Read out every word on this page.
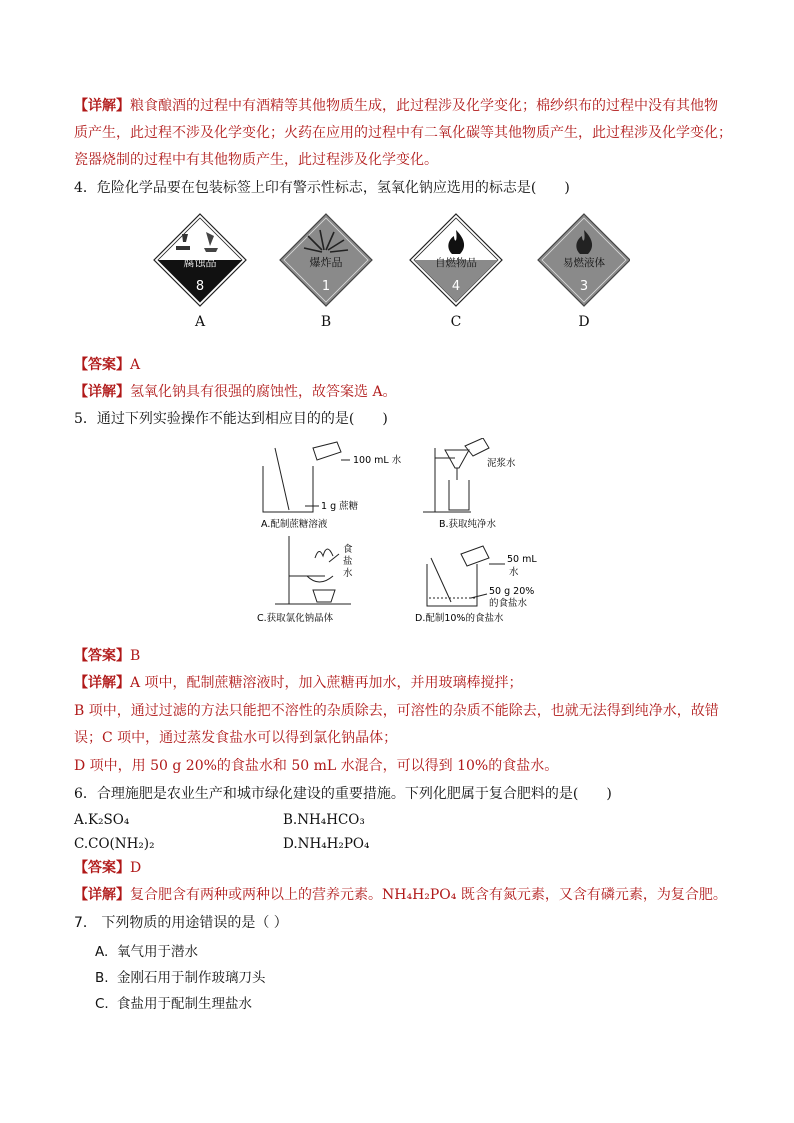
【详解】粮食酿酒的过程中有酒精等其他物质生成，此过程涉及化学变化；棉纱织布的过程中没有其他物
质产生，此过程不涉及化学变化；火药在应用的过程中有二氧化碳等其他物质产生，此过程涉及化学变化；
瓷器烧制的过程中有其他物质产生，此过程涉及化学变化。
4．危险化学品要在包装标签上印有警示性标志，氢氧化钠应选用的标志是(　　)
腐蚀品
8
爆炸品
1
自燃物品
4
易燃液体
3
A	B	C	D
【答案】A
【详解】氢氧化钠具有很强的腐蚀性，故答案选 A。
5．通过下列实验操作不能达到相应目的的是(　　)
100 mL 水
1 g 蔗糖
A.配制蔗糖溶液
泥浆水
B.获取纯净水
食
盐
水
C.获取氯化钠晶体
50 mL
水
50 g 20%
的食盐水
D.配制10%的食盐水
【答案】B
【详解】A 项中，配制蔗糖溶液时，加入蔗糖再加水，并用玻璃棒搅拌；
B 项中，通过过滤的方法只能把不溶性的杂质除去，可溶性的杂质不能除去，也就无法得到纯净水，故错
误；C 项中，通过蒸发食盐水可以得到氯化钠晶体；
D 项中，用 50 g 20%的食盐水和 50 mL 水混合，可以得到 10%的食盐水。
6．合理施肥是农业生产和城市绿化建设的重要措施。下列化肥属于复合肥料的是(　　)
A.K₂SO₄	B.NH₄HCO₃
C.CO(NH₂)₂	D.NH₄H₂PO₄
【答案】D
【详解】复合肥含有两种或两种以上的营养元素。NH₄H₂PO₄ 既含有氮元素，又含有磷元素，为复合肥。
7． 下列物质的用途错误的是（ ）
A. 氧气用于潜水
B. 金刚石用于制作玻璃刀头
C. 食盐用于配制生理盐水
